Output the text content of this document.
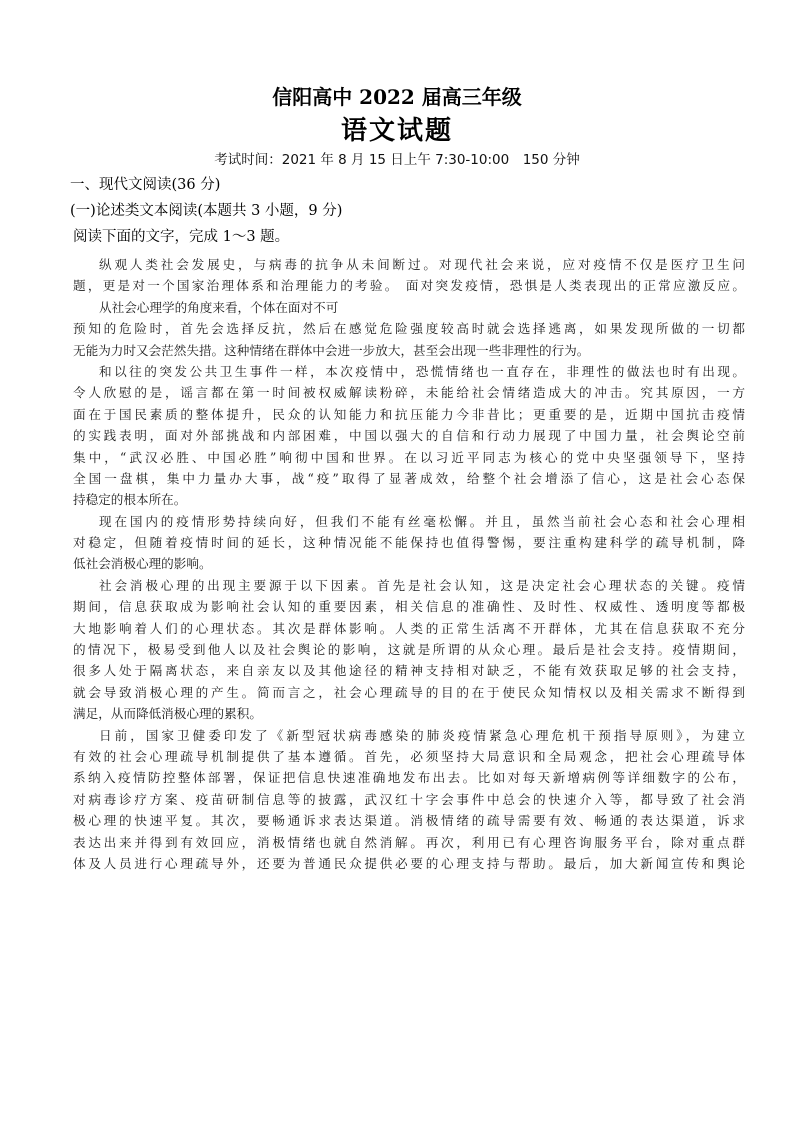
信阳高中 2022 届高三年级
语文试题
考试时间：2021 年 8 月 15 日上午 7:30-10:00　150 分钟
一、现代文阅读(36 分)
(一)论述类文本阅读(本题共 3 小题，9 分)
阅读下面的文字，完成 1～3 题。
纵观人类社会发展史，与病毒的抗争从未间断过。对现代社会来说，应对疫情不仅是医疗卫生问
题，更是对一个国家治理体系和治理能力的考验。 面对突发疫情，恐惧是人类表现出的正常应激反应。
从社会心理学的角度来看，个体在面对不可
预知的危险时，首先会选择反抗，然后在感觉危险强度较高时就会选择逃离，如果发现所做的一切都
无能为力时又会茫然失措。这种情绪在群体中会进一步放大，甚至会出现一些非理性的行为。
和以往的突发公共卫生事件一样，本次疫情中，恐慌情绪也一直存在，非理性的做法也时有出现。
令人欣慰的是，谣言都在第一时间被权威解读粉碎，未能给社会情绪造成大的冲击。究其原因，一方
面在于国民素质的整体提升，民众的认知能力和抗压能力今非昔比；更重要的是，近期中国抗击疫情
的实践表明，面对外部挑战和内部困难，中国以强大的自信和行动力展现了中国力量，社会舆论空前
集中，“武汉必胜、中国必胜”响彻中国和世界。在以习近平同志为核心的党中央坚强领导下，坚持
全国一盘棋，集中力量办大事，战“疫”取得了显著成效，给整个社会增添了信心，这是社会心态保
持稳定的根本所在。
现在国内的疫情形势持续向好，但我们不能有丝毫松懈。并且，虽然当前社会心态和社会心理相
对稳定，但随着疫情时间的延长，这种情况能不能保持也值得警惕，要注重构建科学的疏导机制，降
低社会消极心理的影响。
社会消极心理的出现主要源于以下因素。首先是社会认知，这是决定社会心理状态的关键。疫情
期间，信息获取成为影响社会认知的重要因素，相关信息的准确性、及时性、权威性、透明度等都极
大地影响着人们的心理状态。其次是群体影响。人类的正常生活离不开群体，尤其在信息获取不充分
的情况下，极易受到他人以及社会舆论的影响，这就是所谓的从众心理。最后是社会支持。疫情期间，
很多人处于隔离状态，来自亲友以及其他途径的精神支持相对缺乏，不能有效获取足够的社会支持，
就会导致消极心理的产生。简而言之，社会心理疏导的目的在于使民众知情权以及相关需求不断得到
满足，从而降低消极心理的累积。
日前，国家卫健委印发了《新型冠状病毒感染的肺炎疫情紧急心理危机干预指导原则》，为建立
有效的社会心理疏导机制提供了基本遵循。首先，必须坚持大局意识和全局观念，把社会心理疏导体
系纳入疫情防控整体部署，保证把信息快速准确地发布出去。比如对每天新增病例等详细数字的公布，
对病毒诊疗方案、疫苗研制信息等的披露，武汉红十字会事件中总会的快速介入等，都导致了社会消
极心理的快速平复。其次，要畅通诉求表达渠道。消极情绪的疏导需要有效、畅通的表达渠道，诉求
表达出来并得到有效回应，消极情绪也就自然消解。再次，利用已有心理咨询服务平台，除对重点群
体及人员进行心理疏导外，还要为普通民众提供必要的心理支持与帮助。最后，加大新闻宣传和舆论
